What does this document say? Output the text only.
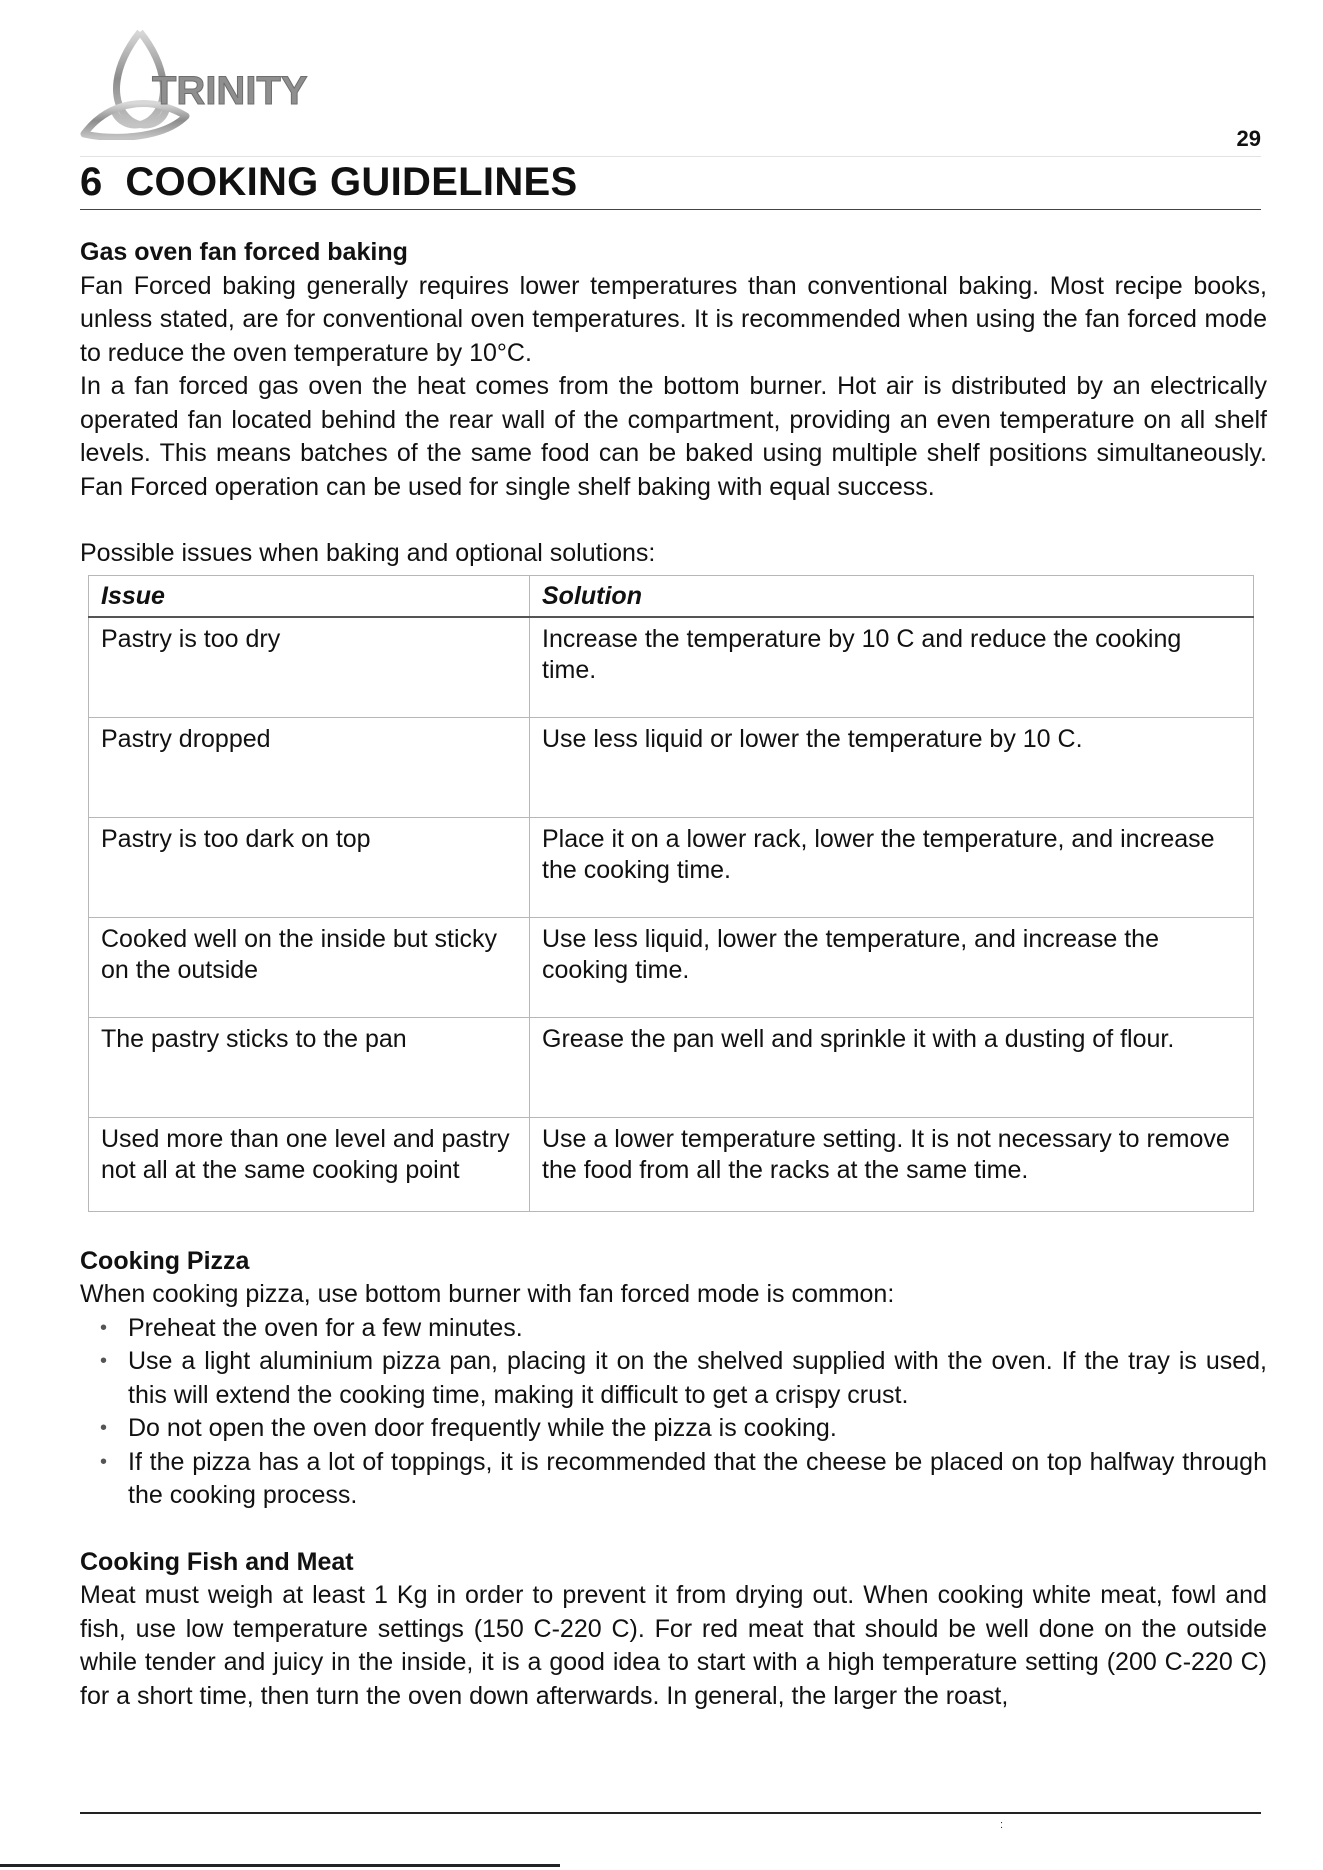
TRINITY
29
6 COOKING GUIDELINES
Gas oven fan forced baking

Fan Forced baking generally requires lower temperatures than conventional baking. Most recipe books, unless stated, are for conventional oven temperatures. It is recommended when using the fan forced mode to reduce the oven temperature by 10°C.

In a fan forced gas oven the heat comes from the bottom burner. Hot air is distributed by an electrically operated fan located behind the rear wall of the compartment, providing an even temperature on all shelf levels. This means batches of the same food can be baked using multiple shelf positions simultaneously. Fan Forced operation can be used for single shelf baking with equal success.

Possible issues when baking and optional solutions:

Issue	Solution
Pastry is too dry	Increase the temperature by 10 C and reduce the cooking time.
Pastry dropped	Use less liquid or lower the temperature by 10 C.
Pastry is too dark on top	Place it on a lower rack, lower the temperature, and increase the cooking time.
Cooked well on the inside but sticky on the outside	Use less liquid, lower the temperature, and increase the cooking time.
The pastry sticks to the pan	Grease the pan well and sprinkle it with a dusting of flour.
Used more than one level and pastry not all at the same cooking point	Use a lower temperature setting. It is not necessary to remove the food from all the racks at the same time.
Cooking Pizza

When cooking pizza, use bottom burner with fan forced mode is common:

• Preheat the oven for a few minutes.
• Use a light aluminium pizza pan, placing it on the shelved supplied with the oven. If the tray is used, this will extend the cooking time, making it difficult to get a crispy crust.
• Do not open the oven door frequently while the pizza is cooking.
• If the pizza has a lot of toppings, it is recommended that the cheese be placed on top halfway through the cooking process.
Cooking Fish and Meat

Meat must weigh at least 1 Kg in order to prevent it from drying out. When cooking white meat, fowl and fish, use low temperature settings (150 C-220 C). For red meat that should be well done on the outside while tender and juicy in the inside, it is a good idea to start with a high temperature setting (200 C-220 C) for a short time, then turn the oven down afterwards. In general, the larger the roast,

:
